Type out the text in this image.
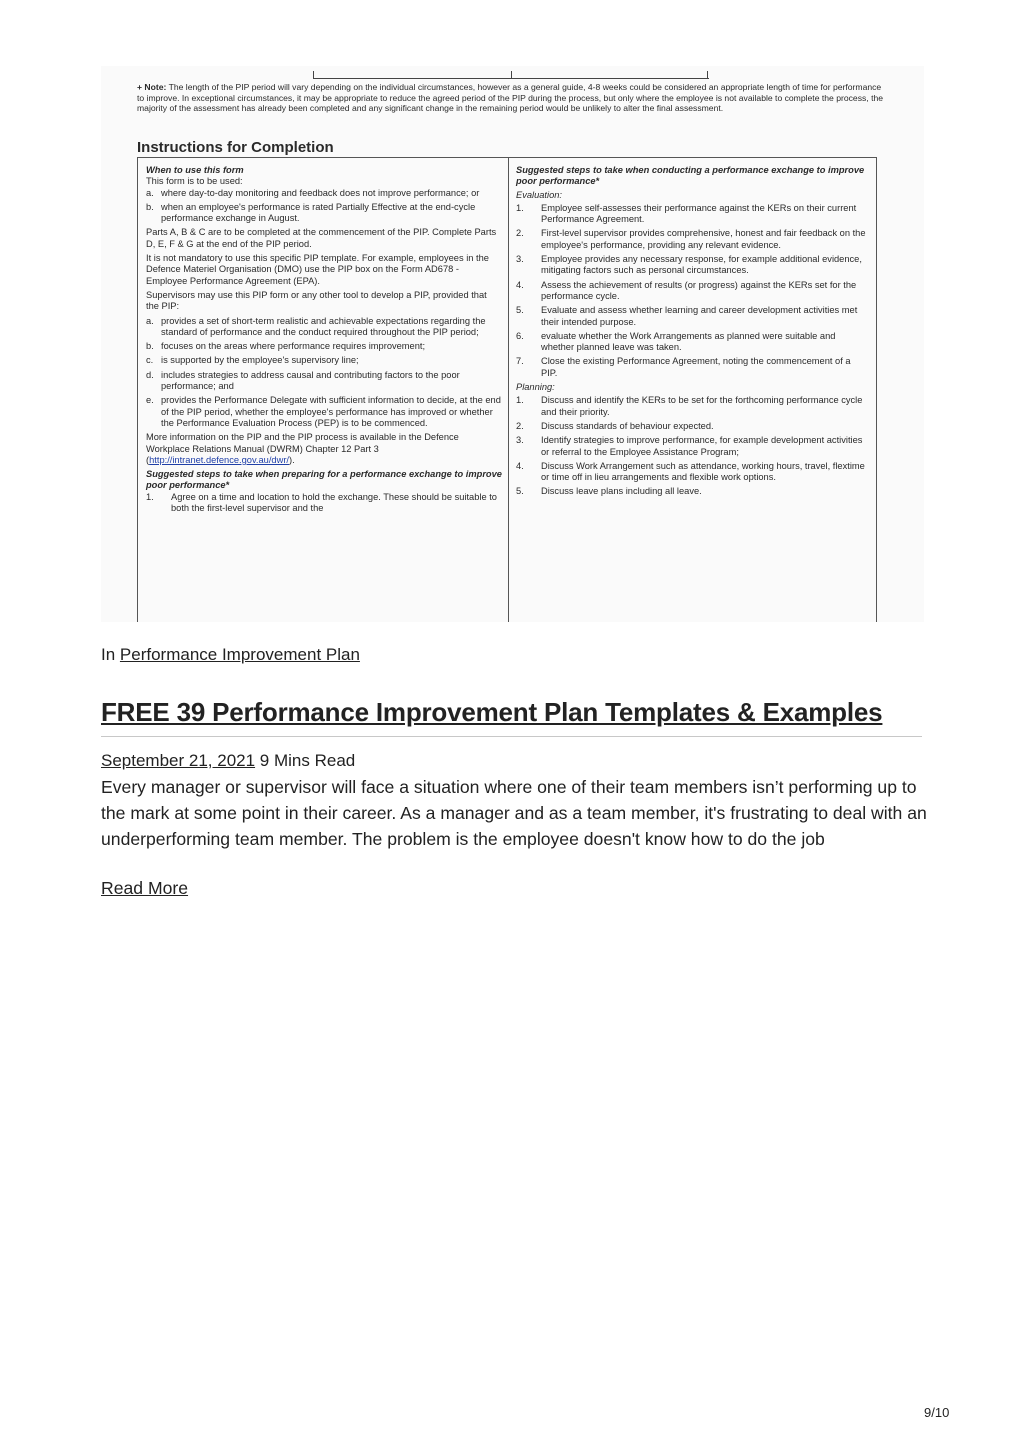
+ Note: The length of the PIP period will vary depending on the individual circumstances, however as a general guide, 4-8 weeks could be considered an appropriate length of time for performance to improve. In exceptional circumstances, it may be appropriate to reduce the agreed period of the PIP during the process, but only where the employee is not available to complete the process, the majority of the assessment has already been completed and any significant change in the remaining period would be unlikely to alter the final assessment.
Instructions for Completion
When to use this form
This form is to be used:
a. where day-to-day monitoring and feedback does not improve performance; or
b. when an employee's performance is rated Partially Effective at the end-cycle performance exchange in August.

Parts A, B & C are to be completed at the commencement of the PIP. Complete Parts D, E, F & G at the end of the PIP period.

It is not mandatory to use this specific PIP template. For example, employees in the Defence Materiel Organisation (DMO) use the PIP box on the Form AD678 - Employee Performance Agreement (EPA).

Supervisors may use this PIP form or any other tool to develop a PIP, provided that the PIP:

a. provides a set of short-term realistic and achievable expectations regarding the standard of performance and the conduct required throughout the PIP period;
b. focuses on the areas where performance requires improvement;
c. is supported by the employee's supervisory line;
d. includes strategies to address causal and contributing factors to the poor performance; and
e. provides the Performance Delegate with sufficient information to decide, at the end of the PIP period, whether the employee's performance has improved or whether the Performance Evaluation Process (PEP) is to be commenced.

More information on the PIP and the PIP process is available in the Defence Workplace Relations Manual (DWRM) Chapter 12 Part 3 (http://intranet.defence.gov.au/dwr/).

Suggested steps to take when preparing for a performance exchange to improve poor performance*
1.	Agree on a time and location to hold the exchange. These should be suitable to both the first-level supervisor and the
Suggested steps to take when conducting a performance exchange to improve poor performance*
Evaluation:
1.	Employee self-assesses their performance against the KERs on their current Performance Agreement.
2.	First-level supervisor provides comprehensive, honest and fair feedback on the employee's performance, providing any relevant evidence.
3.	Employee provides any necessary response, for example additional evidence, mitigating factors such as personal circumstances.
4.	Assess the achievement of results (or progress) against the KERs set for the performance cycle.
5.	Evaluate and assess whether learning and career development activities met their intended purpose.
6.	evaluate whether the Work Arrangements as planned were suitable and whether planned leave was taken.
7.	Close the existing Performance Agreement, noting the commencement of a PIP.
Planning:
1.	Discuss and identify the KERs to be set for the forthcoming performance cycle and their priority.
2.	Discuss standards of behaviour expected.
3.	Identify strategies to improve performance, for example development activities or referral to the Employee Assistance Program;
4.	Discuss Work Arrangement such as attendance, working hours, travel, flextime or time off in lieu arrangements and flexible work options.
5.	Discuss leave plans including all leave.
In Performance Improvement Plan
FREE 39 Performance Improvement Plan Templates & Examples
September 21, 2021 9 Mins Read

Every manager or supervisor will face a situation where one of their team members isn’t performing up to the mark at some point in their career. As a manager and as a team member, it's frustrating to deal with an underperforming team member. The problem is the employee doesn't know how to do the job

Read More
9/10
